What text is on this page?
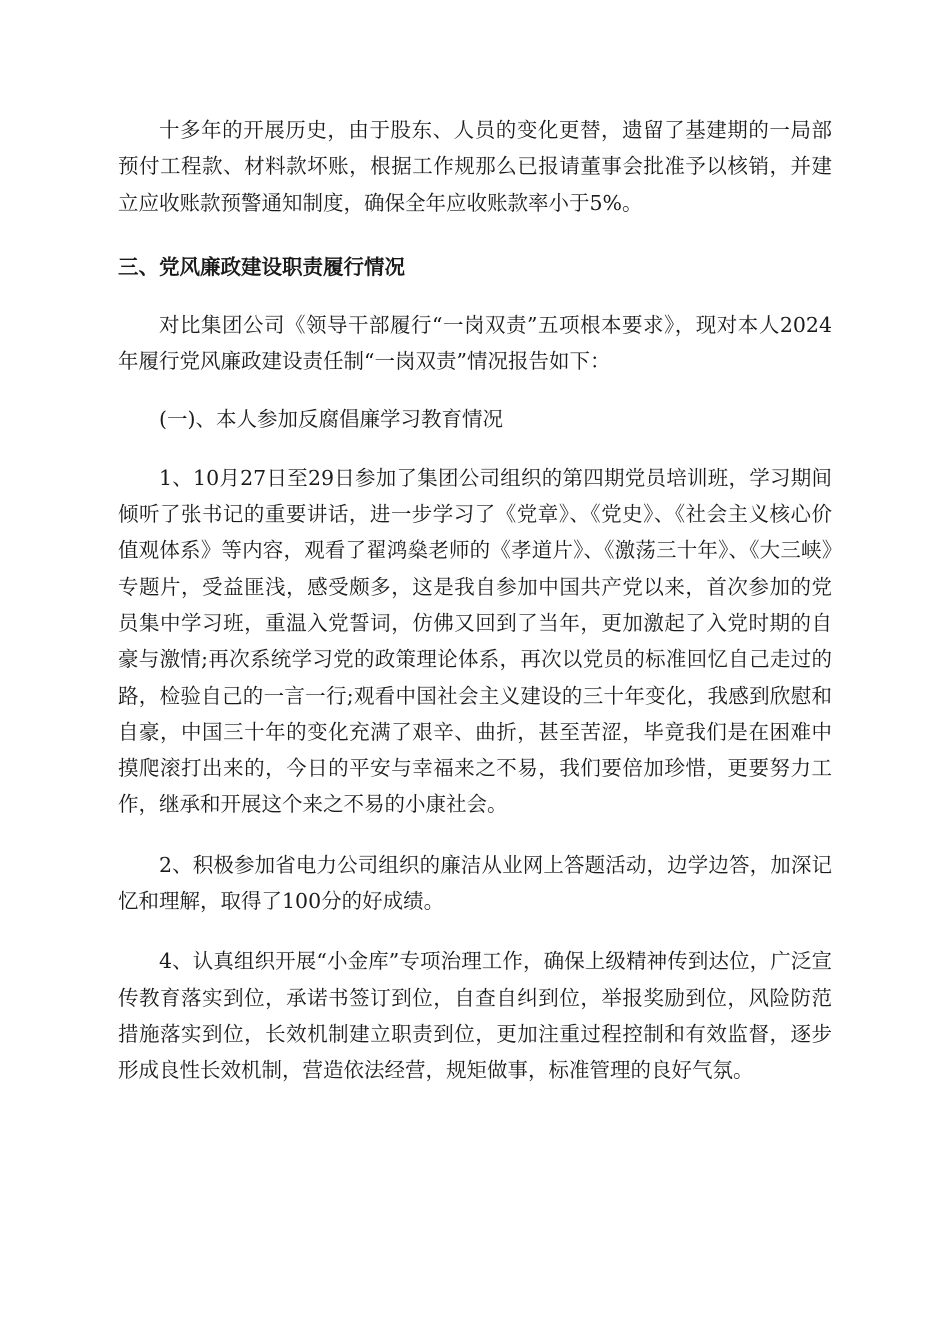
十多年的开展历史，由于股东、人员的变化更替，遗留了基建期的一局部预付工程款、材料款坏账，根据工作规那么已报请董事会批准予以核销，并建立应收账款预警通知制度，确保全年应收账款率小于5%。

三、党风廉政建设职责履行情况

对比集团公司《领导干部履行“一岗双责”五项根本要求》，现对本人2024年履行党风廉政建设责任制“一岗双责”情况报告如下：

(一)、本人参加反腐倡廉学习教育情况

1、10月27日至29日参加了集团公司组织的第四期党员培训班，学习期间倾听了张书记的重要讲话，进一步学习了《党章》、《党史》、《社会主义核心价值观体系》等内容，观看了翟鸿燊老师的《孝道片》、《激荡三十年》、《大三峡》专题片，受益匪浅，感受颇多，这是我自参加中国共产党以来，首次参加的党员集中学习班，重温入党誓词，仿佛又回到了当年，更加激起了入党时期的自豪与激情;再次系统学习党的政策理论体系，再次以党员的标准回忆自己走过的路，检验自己的一言一行;观看中国社会主义建设的三十年变化，我感到欣慰和自豪，中国三十年的变化充满了艰辛、曲折，甚至苦涩，毕竟我们是在困难中摸爬滚打出来的，今日的平安与幸福来之不易，我们要倍加珍惜，更要努力工作，继承和开展这个来之不易的小康社会。

2、积极参加省电力公司组织的廉洁从业网上答题活动，边学边答，加深记忆和理解，取得了100分的好成绩。

4、认真组织开展“小金库”专项治理工作，确保上级精神传到达位，广泛宣传教育落实到位，承诺书签订到位，自查自纠到位，举报奖励到位，风险防范措施落实到位，长效机制建立职责到位，更加注重过程控制和有效监督，逐步形成良性长效机制，营造依法经营，规矩做事，标准管理的良好气氛。
